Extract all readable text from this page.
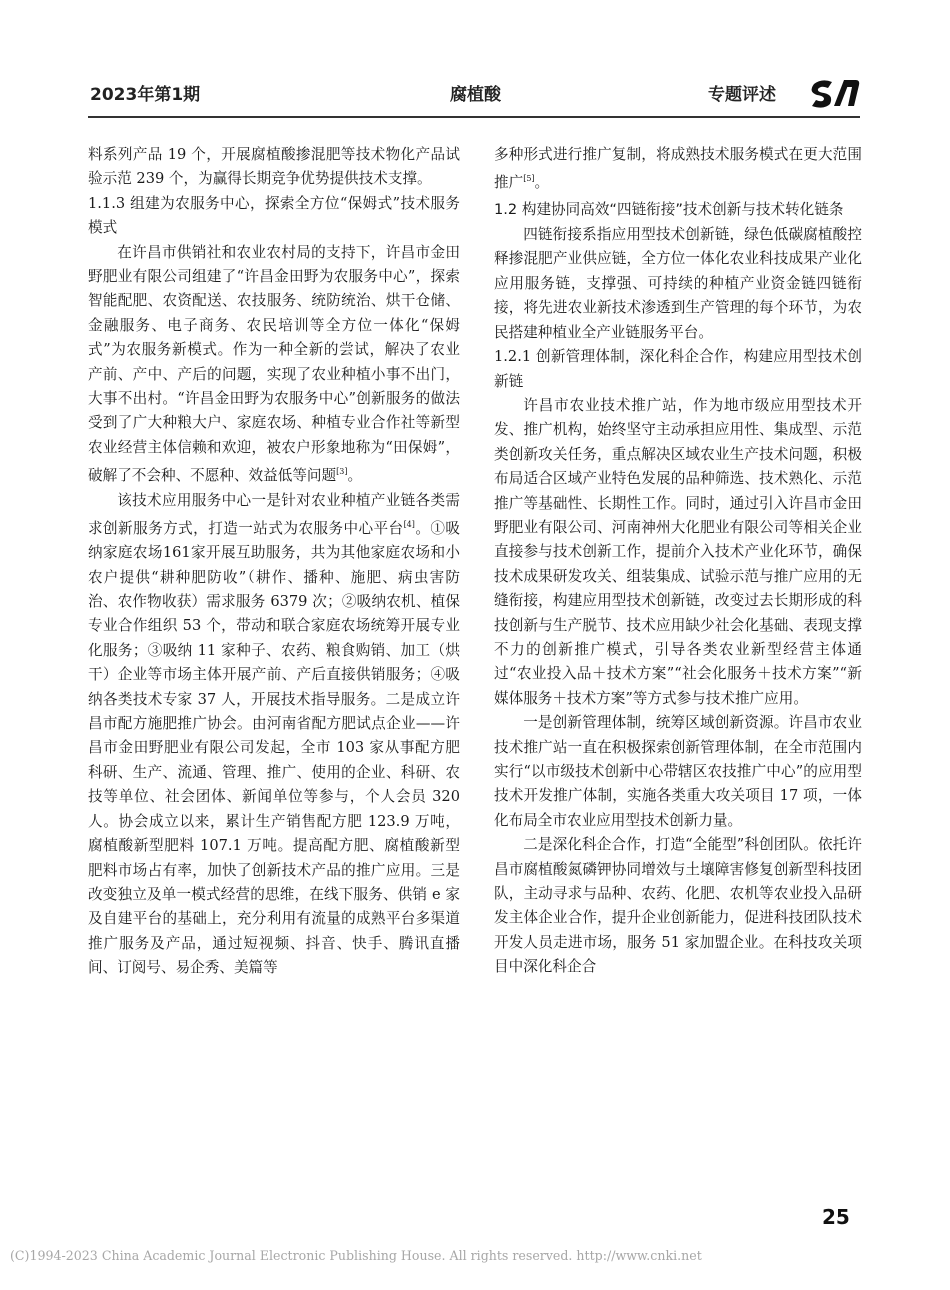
2023年第1期	腐植酸	专题评述

料系列产品 19 个，开展腐植酸掺混肥等技术物化产品试验示范 239 个，为赢得长期竞争优势提供技术支撑。

1.1.3 组建为农服务中心，探索全方位“保姆式”技术服务模式

在许昌市供销社和农业农村局的支持下，许昌市金田野肥业有限公司组建了“许昌金田野为农服务中心”，探索智能配肥、农资配送、农技服务、统防统治、烘干仓储、金融服务、电子商务、农民培训等全方位一体化“保姆式”为农服务新模式。作为一种全新的尝试，解决了农业产前、产中、产后的问题，实现了农业种植小事不出门，大事不出村。“许昌金田野为农服务中心”创新服务的做法受到了广大种粮大户、家庭农场、种植专业合作社等新型农业经营主体信赖和欢迎，被农户形象地称为“田保姆”，破解了不会种、不愿种、效益低等问题[3]。

该技术应用服务中心一是针对农业种植产业链各类需求创新服务方式，打造一站式为农服务中心平台[4]。①吸纳家庭农场161家开展互助服务，共为其他家庭农场和小农户提供“耕种肥防收”（耕作、播种、施肥、病虫害防治、农作物收获）需求服务 6379 次；②吸纳农机、植保专业合作组织 53 个，带动和联合家庭农场统筹开展专业化服务；③吸纳 11 家种子、农药、粮食购销、加工（烘干）企业等市场主体开展产前、产后直接供销服务；④吸纳各类技术专家 37 人，开展技术指导服务。二是成立许昌市配方施肥推广协会。由河南省配方肥试点企业——许昌市金田野肥业有限公司发起，全市 103 家从事配方肥科研、生产、流通、管理、推广、使用的企业、科研、农技等单位、社会团体、新闻单位等参与，个人会员 320 人。协会成立以来，累计生产销售配方肥 123.9 万吨，腐植酸新型肥料 107.1 万吨。提高配方肥、腐植酸新型肥料市场占有率，加快了创新技术产品的推广应用。三是改变独立及单一模式经营的思维，在线下服务、供销 e 家及自建平台的基础上，充分利用有流量的成熟平台多渠道推广服务及产品，通过短视频、抖音、快手、腾讯直播间、订阅号、易企秀、美篇等

多种形式进行推广复制，将成熟技术服务模式在更大范围推广[5]。

1.2 构建协同高效“四链衔接”技术创新与技术转化链条

四链衔接系指应用型技术创新链，绿色低碳腐植酸控释掺混肥产业供应链，全方位一体化农业科技成果产业化应用服务链，支撑强、可持续的种植产业资金链四链衔接，将先进农业新技术渗透到生产管理的每个环节，为农民搭建种植业全产业链服务平台。

1.2.1 创新管理体制，深化科企合作，构建应用型技术创新链

许昌市农业技术推广站，作为地市级应用型技术开发、推广机构，始终坚守主动承担应用性、集成型、示范类创新攻关任务，重点解决区域农业生产技术问题，积极布局适合区域产业特色发展的品种筛选、技术熟化、示范推广等基础性、长期性工作。同时，通过引入许昌市金田野肥业有限公司、河南神州大化肥业有限公司等相关企业直接参与技术创新工作，提前介入技术产业化环节，确保技术成果研发攻关、组装集成、试验示范与推广应用的无缝衔接，构建应用型技术创新链，改变过去长期形成的科技创新与生产脱节、技术应用缺少社会化基础、表现支撑不力的创新推广模式，引导各类农业新型经营主体通过“农业投入品＋技术方案”“社会化服务＋技术方案”“新媒体服务＋技术方案”等方式参与技术推广应用。

一是创新管理体制，统筹区域创新资源。许昌市农业技术推广站一直在积极探索创新管理体制，在全市范围内实行“以市级技术创新中心带辖区农技推广中心”的应用型技术开发推广体制，实施各类重大攻关项目 17 项，一体化布局全市农业应用型技术创新力量。

二是深化科企合作，打造“全能型”科创团队。依托许昌市腐植酸氮磷钾协同增效与土壤障害修复创新型科技团队，主动寻求与品种、农药、化肥、农机等农业投入品研发主体企业合作，提升企业创新能力，促进科技团队技术开发人员走进市场，服务 51 家加盟企业。在科技攻关项目中深化科企合

25
(C)1994-2023 China Academic Journal Electronic Publishing House. All rights reserved. http://www.cnki.net
